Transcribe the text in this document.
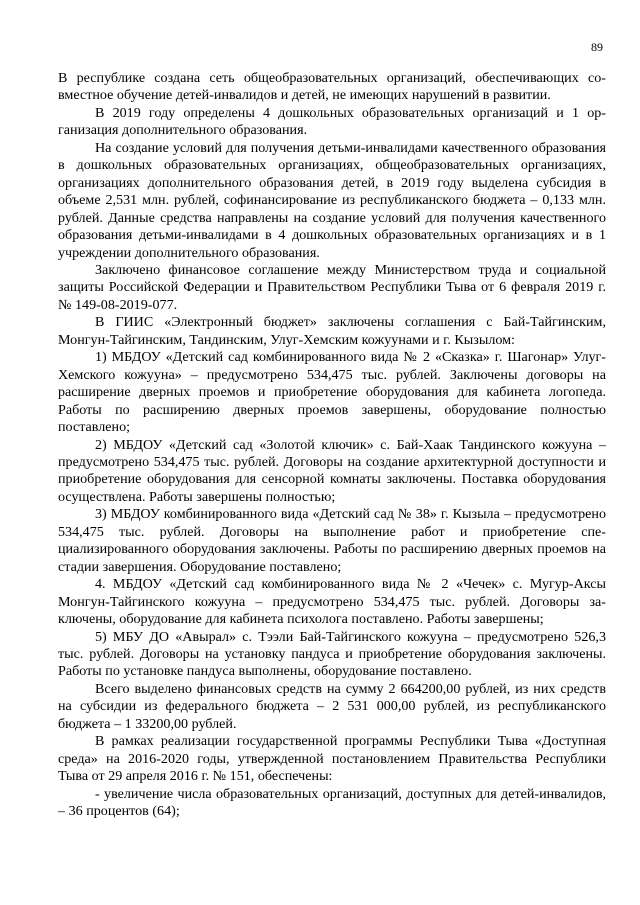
89

В республике создана сеть общеобразовательных организаций, обеспечивающих совместное обучение детей-инвалидов и детей, не имеющих нарушений в развитии.

В 2019 году определены 4 дошкольных образовательных организаций и 1 организация дополнительного образования.

На создание условий для получения детьми-инвалидами качественного образования в дошкольных образовательных организациях, общеобразовательных организациях, организациях дополнительного образования детей, в 2019 году выделена субсидия в объеме 2,531 млн. рублей, софинансирование из республиканского бюджета – 0,133 млн. рублей. Данные средства направлены на создание условий для получения качественного образования детьми-инвалидами в 4 дошкольных образовательных организациях и в 1 учреждении дополнительного образования.

Заключено финансовое соглашение между Министерством труда и социальной защиты Российской Федерации и Правительством Республики Тыва от 6 февраля 2019 г. № 149-08-2019-077.

В ГИИС «Электронный бюджет» заключены соглашения с Бай-Тайгинским, Монгун-Тайгинским, Тандинским, Улуг-Хемским кожуунами и г. Кызылом:

1) МБДОУ «Детский сад комбинированного вида № 2 «Сказка» г. Шагонар» Улуг-Хемского кожууна» – предусмотрено 534,475 тыс. рублей. Заключены договоры на расширение дверных проемов и приобретение оборудования для кабинета логопеда. Работы по расширению дверных проемов завершены, оборудование полностью поставлено;

2) МБДОУ «Детский сад «Золотой ключик» с. Бай-Хаак Тандинского кожууна – предусмотрено 534,475 тыс. рублей. Договоры на создание архитектурной доступности и приобретение оборудования для сенсорной комнаты заключены. Поставка оборудования осуществлена. Работы завершены полностью;

3) МБДОУ комбинированного вида «Детский сад № 38» г. Кызыла – предусмотрено 534,475 тыс. рублей. Договоры на выполнение работ и приобретение специализированного оборудования заключены. Работы по расширению дверных проемов на стадии завершения. Оборудование поставлено;

4. МБДОУ «Детский сад комбинированного вида № 2 «Чечек» с. Мугур-Аксы Монгун-Тайгинского кожууна – предусмотрено 534,475 тыс. рублей. Договоры заключены, оборудование для кабинета психолога поставлено. Работы завершены;

5) МБУ ДО «Авырал» с. Тээли Бай-Тайгинского кожууна – предусмотрено 526,3 тыс. рублей. Договоры на установку пандуса и приобретение оборудования заключены. Работы по установке пандуса выполнены, оборудование поставлено.

Всего выделено финансовых средств на сумму 2 664200,00 рублей, из них средств на субсидии из федерального бюджета – 2 531 000,00 рублей, из республиканского бюджета – 1 33200,00 рублей.

В рамках реализации государственной программы Республики Тыва «Доступная среда» на 2016-2020 годы, утвержденной постановлением Правительства Республики Тыва от 29 апреля 2016 г. № 151, обеспечены:

- увеличение числа образовательных организаций, доступных для детей-инвалидов, – 36 процентов (64);
